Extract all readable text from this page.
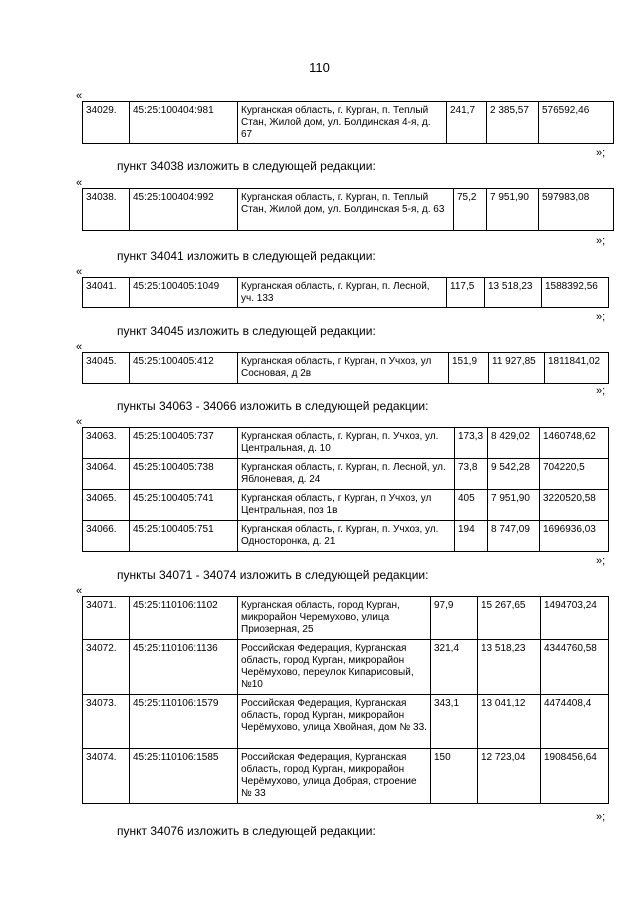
110
«
34029.	45:25:100404:981	Курганская область, г. Курган, п. Теплый Стан, Жилой дом, ул. Болдинская 4-я, д. 67	241,7	2 385,57	576592,46
»;
пункт 34038 изложить в следующей редакции:
«
34038.	45:25:100404:992	Курганская область, г. Курган, п. Теплый Стан, Жилой дом, ул. Болдинская 5-я, д. 63	75,2	7 951,90	597983,08
»;
пункт 34041 изложить в следующей редакции:
«
34041.	45:25:100405:1049	Курганская область, г. Курган, п. Лесной, уч. 133	117,5	13 518,23	1588392,56
»;
пункт 34045 изложить в следующей редакции:
«
34045.	45:25:100405:412	Курганская область, г Курган, п Учхоз, ул Сосновая, д 2в	151,9	11 927,85	1811841,02
»;
пункты 34063 - 34066 изложить в следующей редакции:
«
34063.	45:25:100405:737	Курганская область, г. Курган, п. Учхоз, ул. Центральная, д. 10	173,3	8 429,02	1460748,62
34064.	45:25:100405:738	Курганская область, г. Курган, п. Лесной, ул. Яблоневая, д. 24	73,8	9 542,28	704220,5
34065.	45:25:100405:741	Курганская область, г Курган, п Учхоз, ул Центральная, поз 1в	405	7 951,90	3220520,58
34066.	45:25:100405:751	Курганская область, г. Курган, п. Учхоз, ул. Односторонка, д. 21	194	8 747,09	1696936,03
»;
пункты 34071 - 34074 изложить в следующей редакции:
«
34071.	45:25:110106:1102	Курганская область, город Курган, микрорайон Черемухово, улица Приозерная, 25	97,9	15 267,65	1494703,24
34072.	45:25:110106:1136	Российская Федерация, Курганская область, город Курган, микрорайон Черёмухово, переулок Кипарисовый, №10	321,4	13 518,23	4344760,58
34073.	45:25:110106:1579	Российская Федерация, Курганская область, город Курган, микрорайон Черёмухово, улица Хвойная, дом № 33.	343,1	13 041,12	4474408,4
34074.	45:25:110106:1585	Российская Федерация, Курганская область, город Курган, микрорайон Черёмухово, улица Добрая, строение № 33	150	12 723,04	1908456,64
»;
пункт 34076 изложить в следующей редакции:
